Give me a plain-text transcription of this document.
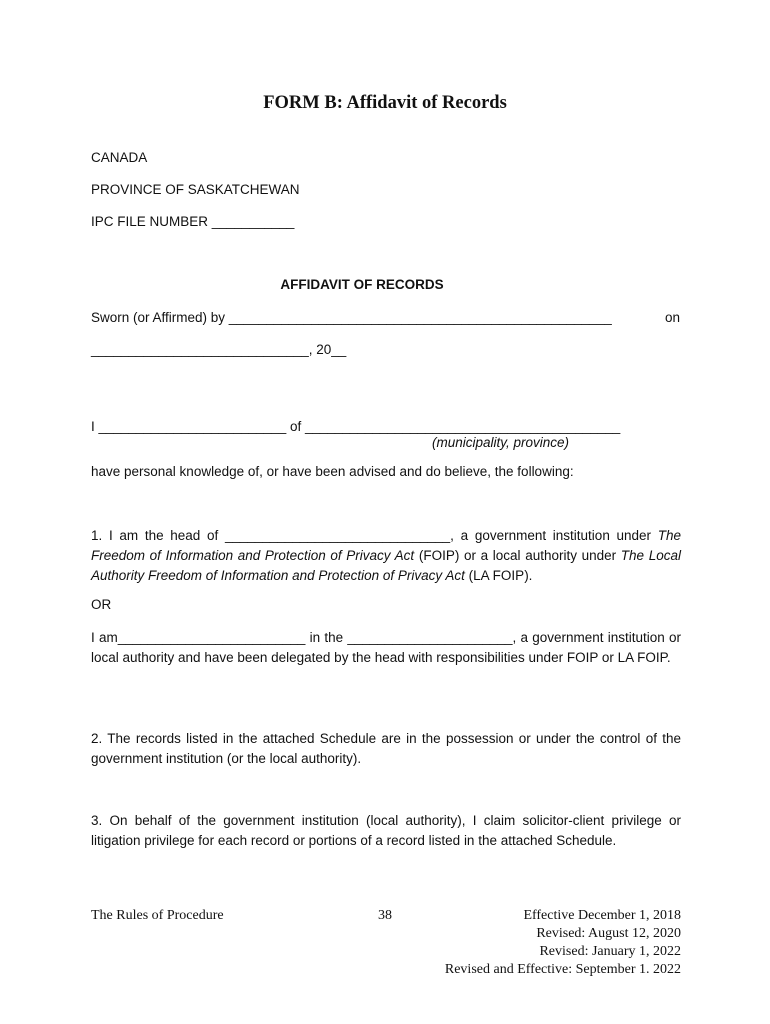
FORM B: Affidavit of Records
CANADA
PROVINCE OF SASKATCHEWAN
IPC FILE NUMBER ___________
AFFIDAVIT OF RECORDS
Sworn (or Affirmed) by ___________________________________________________	on
_____________________________, 20__
I _________________________ of __________________________________________
(municipality, province)
have personal knowledge of, or have been advised and do believe, the following:
1. I am the head of ______________________________, a government institution under The Freedom of Information and Protection of Privacy Act (FOIP) or a local authority under The Local Authority Freedom of Information and Protection of Privacy Act (LA FOIP).
OR
I am_________________________ in the ______________________, a government institution or local authority and have been delegated by the head with responsibilities under FOIP or LA FOIP.
2. The records listed in the attached Schedule are in the possession or under the control of the government institution (or the local authority).
3. On behalf of the government institution (local authority), I claim solicitor-client privilege or litigation privilege for each record or portions of a record listed in the attached Schedule.
The Rules of Procedure	38	Effective December 1, 2018
Revised: August 12, 2020
Revised: January 1, 2022
Revised and Effective: September 1. 2022
